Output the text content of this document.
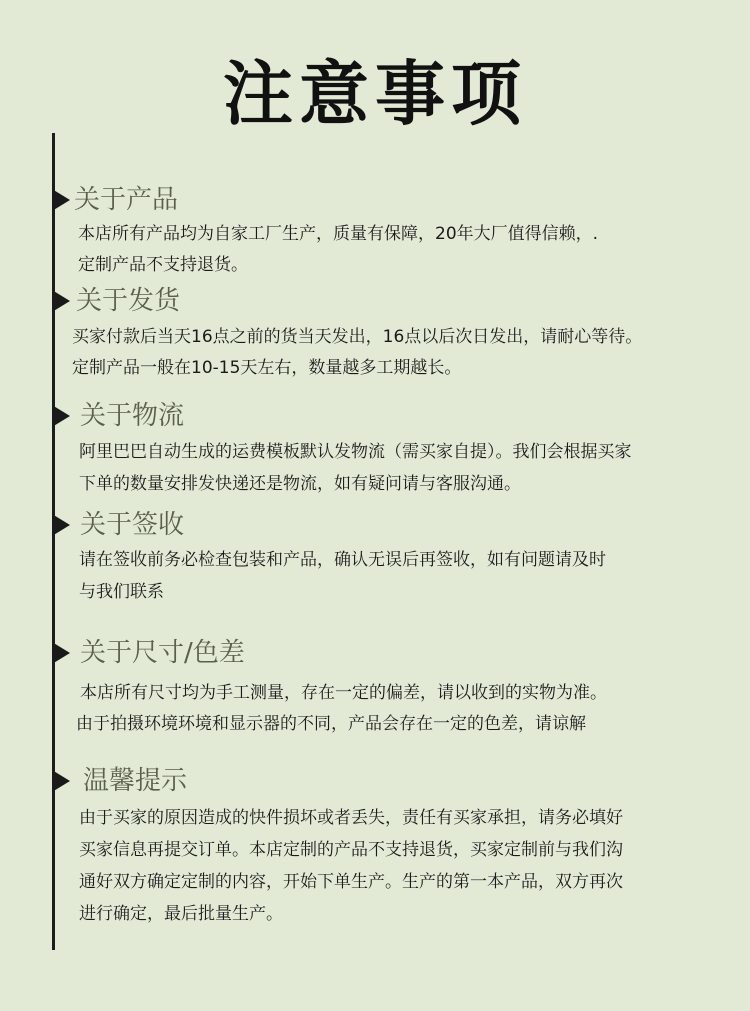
注意事项
关于产品
本店所有产品均为自家工厂生产，质量有保障，20年大厂值得信赖，.
定制产品不支持退货。
关于发货
买家付款后当天16点之前的货当天发出，16点以后次日发出，请耐心等待。
定制产品一般在10-15天左右，数量越多工期越长。
关于物流
阿里巴巴自动生成的运费模板默认发物流（需买家自提）。我们会根据买家
下单的数量安排发快递还是物流，如有疑问请与客服沟通。
关于签收
请在签收前务必检查包装和产品，确认无误后再签收，如有问题请及时
与我们联系
关于尺寸/色差
本店所有尺寸均为手工测量，存在一定的偏差，请以收到的实物为准。
由于拍摄环境环境和显示器的不同，产品会存在一定的色差，请谅解
温馨提示
由于买家的原因造成的快件损坏或者丢失，责任有买家承担，请务必填好
买家信息再提交订单。本店定制的产品不支持退货，买家定制前与我们沟
通好双方确定定制的内容，开始下单生产。生产的第一本产品，双方再次
进行确定，最后批量生产。
